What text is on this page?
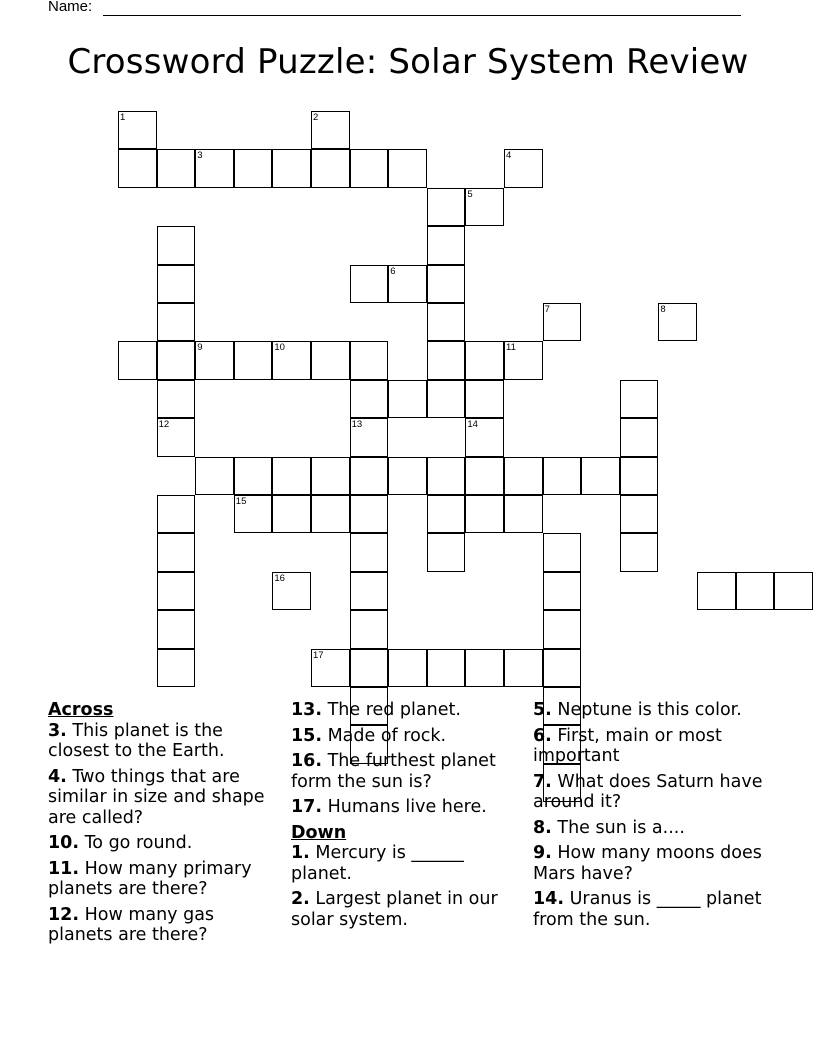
Name:
Crossword Puzzle: Solar System Review
3
9	10
6
13	14
1	2
4
5
7	8
11
12
15
16
17
Across
3. This planet is the closest to the Earth.
4. Two things that are similar in size and shape are called?
10. To go round.
11. How many primary planets are there?
12. How many gas planets are there?
13. The red planet.
15. Made of rock.
16. The furthest planet form the sun is?
17. Humans live here.
Down
1. Mercury is ______ planet.
2. Largest planet in our solar system.
5. Neptune is this color.
6. First, main or most important
7. What does Saturn have around it?
8. The sun is a....
9. How many moons does Mars have?
14. Uranus is _____ planet from the sun.
